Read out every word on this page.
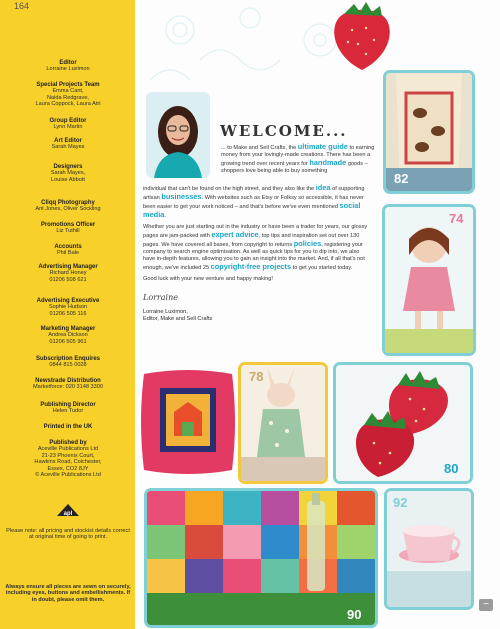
164
Editor
Lorraine Luximon
Special Projects Team
Emma Cant,
Naida Redgrave,
Laura Coppock, Laura Atri
Group Editor
Lynn Martin
Art Editor
Sarah Mayes
Designers
Sarah Mayes,
Louise Abbott
Cliqq Photography
Ant Jones, Oliver Sockling
Promotions Officer
Liz Tuthill
Accounts
Phil Bale
Advertising Manager
Richard Honey
01206 508 621
Advertising Executive
Sophie Hudson
01206 505 116
Marketing Manager
Andrea Dickson
01206 505 961
Subscription Enquires
0844 815 0028
Newstrade Distribution
Marketforce: 020 3148 3300
Publishing Director
Helen Tudor
Printed in the UK
Published by
Aceville Publications Ltd
21-23 Phoenix Court,
Hawkins Road, Colchester,
Essex, CO2 8JY
© Aceville Publications Ltd
apl
Please note: all pricing and stockist details correct at original time of going to print.
Always ensure all pieces are sewn on securely, including eyes, buttons and embellishments. If in doubt, please omit them.
WELCOME...

... to Make and Sell Crafts, the ultimate guide to earning money from your lovingly-made creations. There has been a growing trend over recent years for handmade goods – shoppers love being able to buy something

individual that can't be found on the high street, and they also like the idea of supporting artisan businesses. With websites such as Etsy or Folksy so accessible, it has never been easier to get your work noticed – and that's before we've even mentioned social media.

Whether you are just starting out in the industry or have been a trader for years, our glossy pages are jam-packed with expert advice, top tips and inspiration set out over 130 pages. We have covered all bases, from copyright to returns policies, registering your company to search engine optimisation. As well as quick tips for you to dip into, we also have in-depth features, allowing you to gain an insight into the market. And, if all that's not enough, we've included 25 copyright-free projects to get you started today.

Good luck with your new venture and happy making!

Lorraine
Lorraine Luximon,
Editor, Make and Sell Crafts
82
74
78
80
90
92
−
